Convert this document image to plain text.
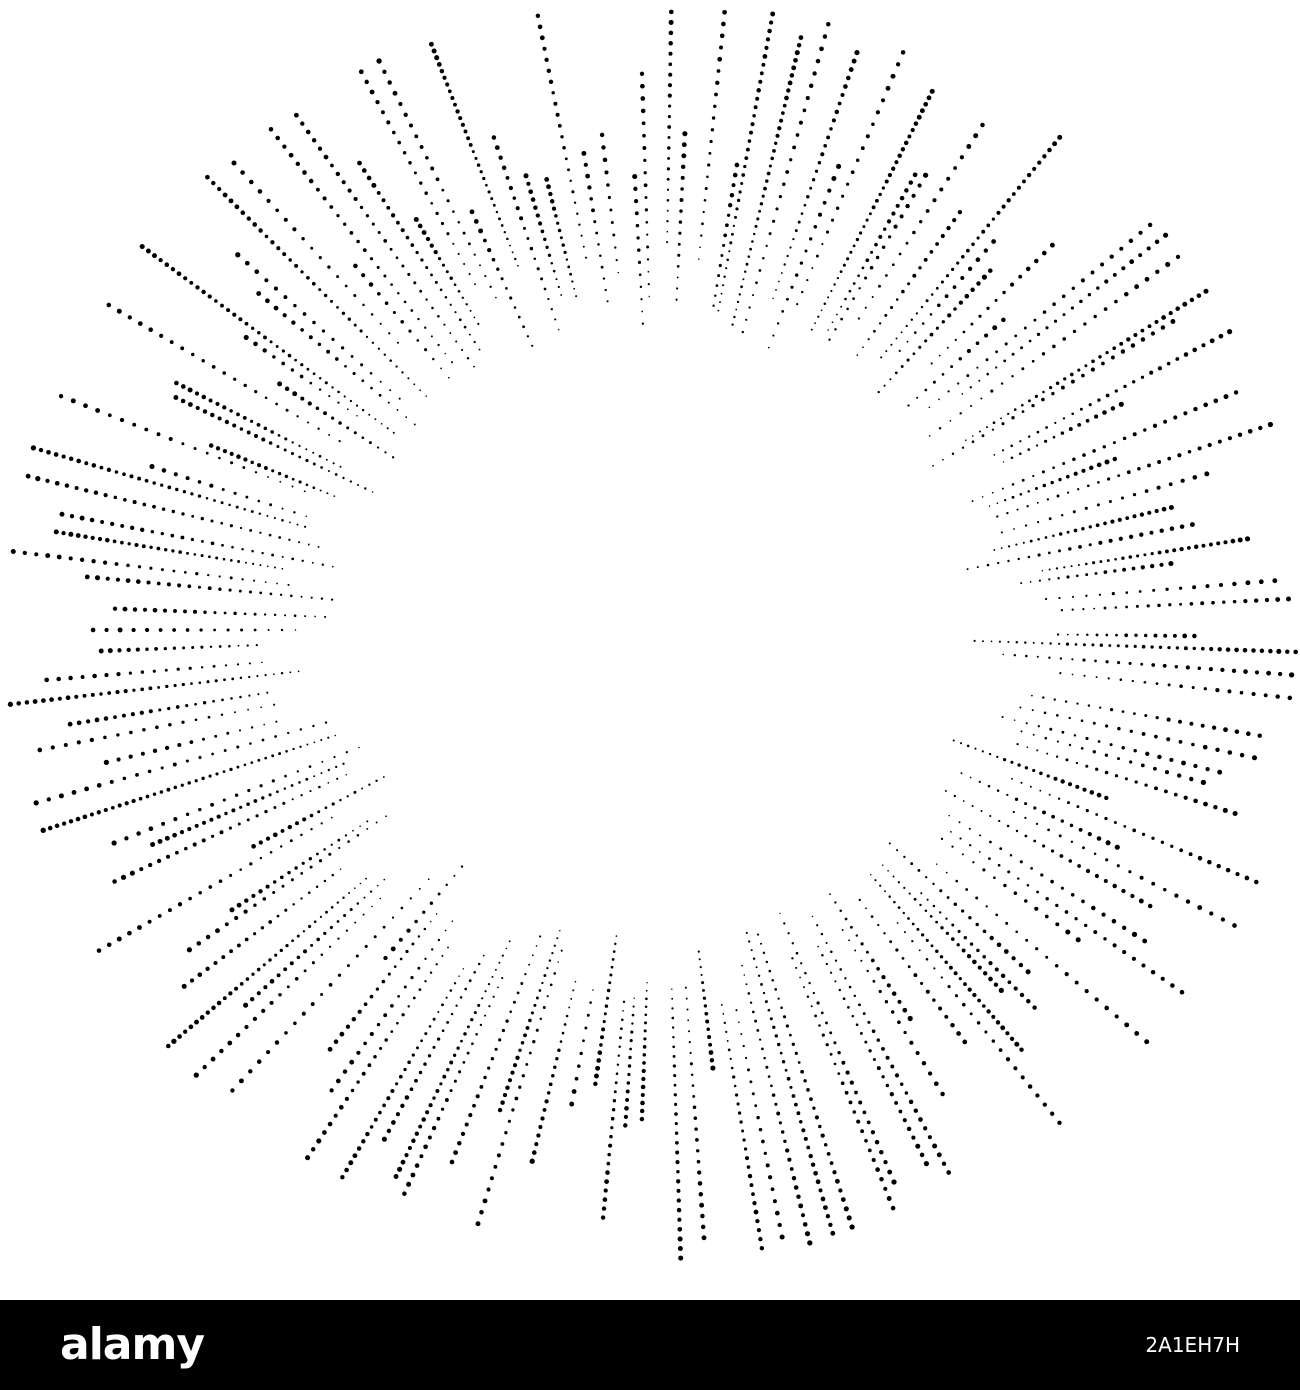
alamy	2A1EH7H
